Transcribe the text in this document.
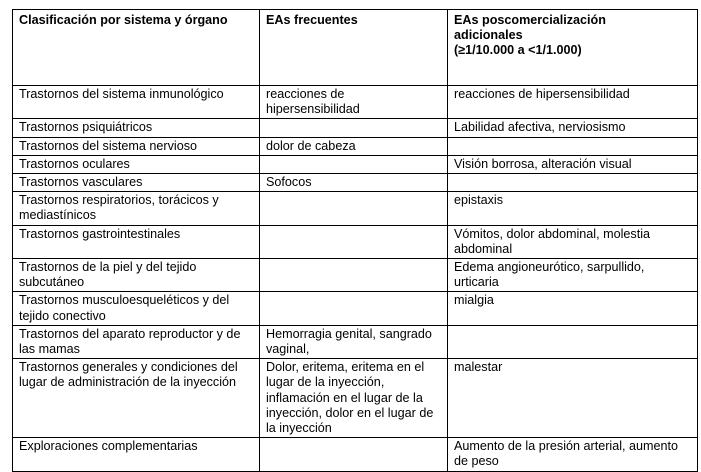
Clasificación por sistema y órgano	EAs frecuentes	EAs poscomercialización
adicionales
(≥1/10.000 a <1/1.000)
Trastornos del sistema inmunológico	reacciones de hipersensibilidad	reacciones de hipersensibilidad
Trastornos psiquiátricos		Labilidad afectiva, nerviosismo
Trastornos del sistema nervioso	dolor de cabeza	
Trastornos oculares		Visión borrosa, alteración visual
Trastornos vasculares	Sofocos	
Trastornos respiratorios, torácicos y mediastínicos		epistaxis
Trastornos gastrointestinales		Vómitos, dolor abdominal, molestia abdominal
Trastornos de la piel y del tejido subcutáneo		Edema angioneurótico, sarpullido, urticaria
Trastornos musculoesqueléticos y del tejido conectivo		mialgia
Trastornos del aparato reproductor y de las mamas	Hemorragia genital, sangrado vaginal,	
Trastornos generales y condiciones del lugar de administración de la inyección	Dolor, eritema, eritema en el lugar de la inyección, inflamación en el lugar de la inyección, dolor en el lugar de la inyección	malestar
Exploraciones complementarias		Aumento de la presión arterial, aumento de peso
